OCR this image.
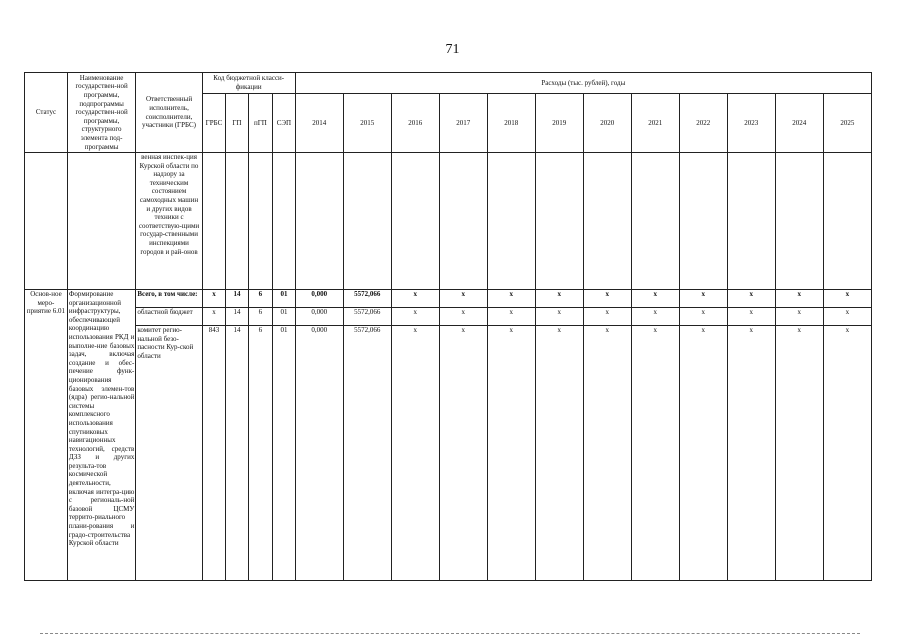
71
Статус	Наименование государствен-ной программы, подпрограммы государствен-ной программы, структурного элемента под-программы	Ответственный исполнитель, соисполнители, участники (ГРБС)	Код бюджетной класси-фикации				Расходы (тыс. рублей), годы											
			ГРБС	ГП	пГП	СЭП	2014	2015	2016	2017	2018	2019	2020	2021	2022	2023	2024	2025
		венная инспек-ция Курской области по надзору за техническим состоянием самоходных машин и других видов техники с соответствую-щими государ-ственными инспекциями городов и рай-онов																
Основ-ное меро-приятие 6.01	Формирование организационной инфраструктуры, обеспечивающей координацию использования РКД и выполне-ние базовых задач, включая создание и обес-печение функ-ционирования базовых элемен-тов (ядра) регио-нальной системы комплексного использования спутниковых навигационных технологий, средств ДЗЗ и других результа-тов космической деятельности, включая интегра-цию с региональ-ной базовой ЦСМУ террито-риального плани-рования и градо-строительства Курской области	Всего, в том числе:	х	14	6	01	0,000	5572,066	х	х	х	х	х	х	х	х	х	х
		областной бюджет	х	14	6	01	0,000	5572,066	х	х	х	х	х	х	х	х	х	х
		комитет регио-нальной безо-пасности Кур-ской области	843	14	6	01	0,000	5572,066	х	х	х	х	х	х	х	х	х	х
